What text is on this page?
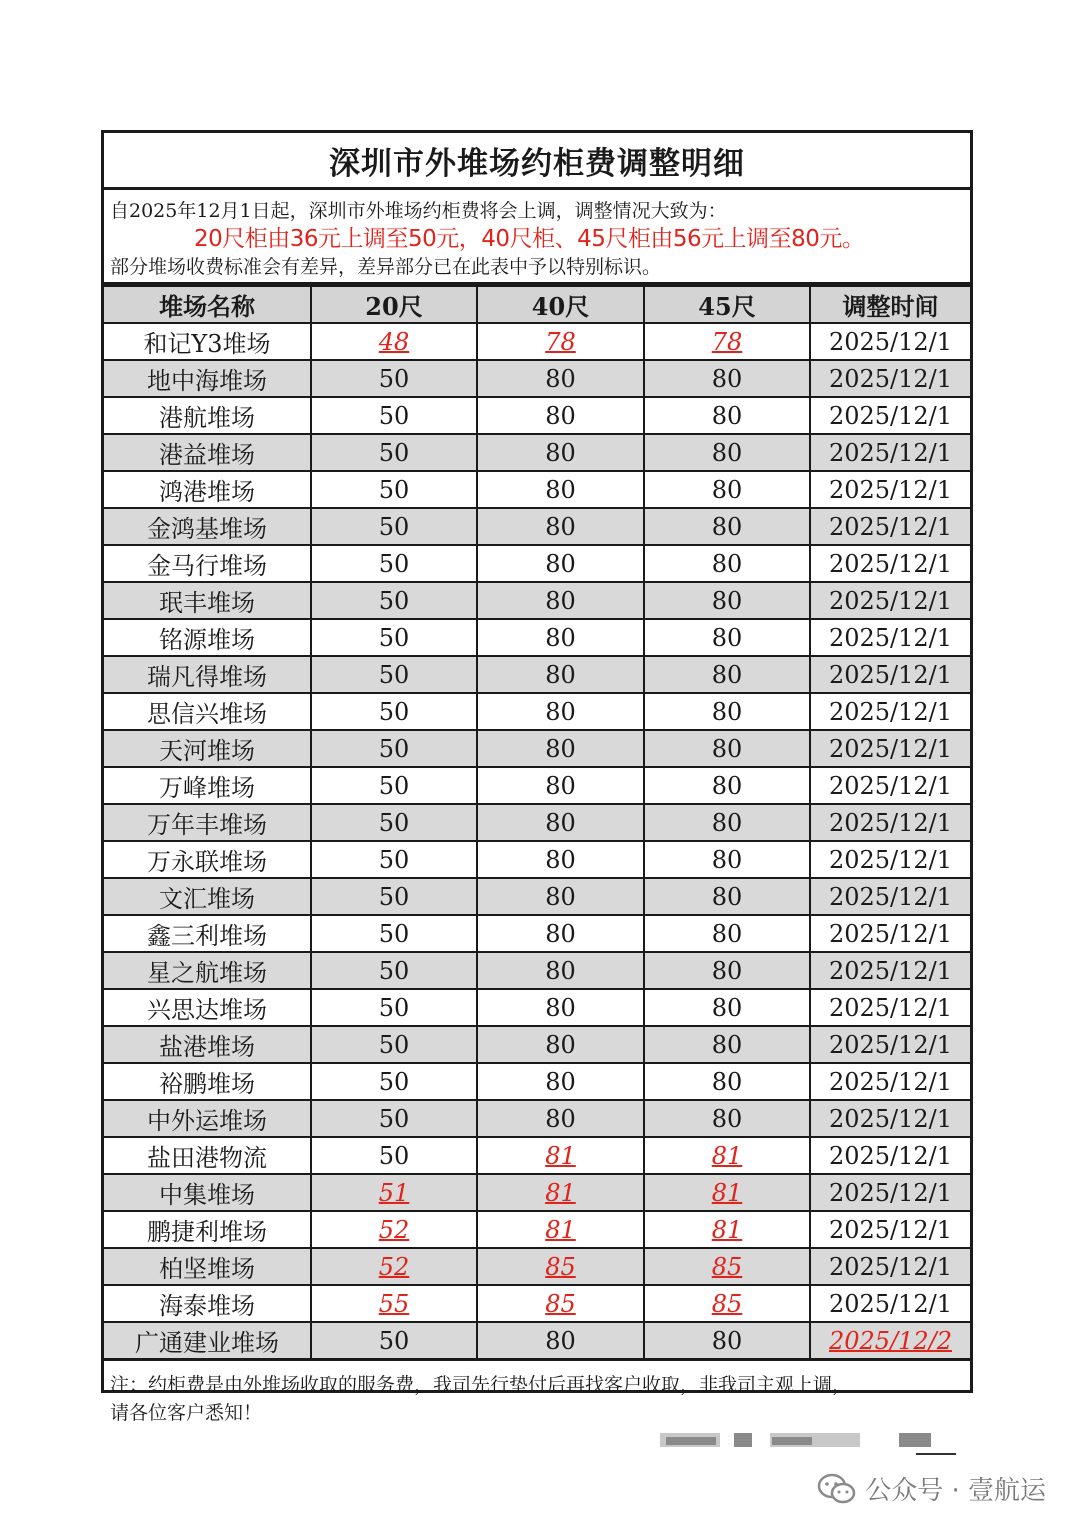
深圳市外堆场约柜费调整明细
自2025年12月1日起，深圳市外堆场约柜费将会上调，调整情况大致为：
20尺柜由36元上调至50元，40尺柜、45尺柜由56元上调至80元。
部分堆场收费标准会有差异，差异部分已在此表中予以特别标识。
堆场名称	20尺	40尺	45尺	调整时间
和记Y3堆场	48	78	78	2025/12/1
地中海堆场	50	80	80	2025/12/1
港航堆场	50	80	80	2025/12/1
港益堆场	50	80	80	2025/12/1
鸿港堆场	50	80	80	2025/12/1
金鸿基堆场	50	80	80	2025/12/1
金马行堆场	50	80	80	2025/12/1
珉丰堆场	50	80	80	2025/12/1
铭源堆场	50	80	80	2025/12/1
瑞凡得堆场	50	80	80	2025/12/1
思信兴堆场	50	80	80	2025/12/1
天河堆场	50	80	80	2025/12/1
万峰堆场	50	80	80	2025/12/1
万年丰堆场	50	80	80	2025/12/1
万永联堆场	50	80	80	2025/12/1
文汇堆场	50	80	80	2025/12/1
鑫三利堆场	50	80	80	2025/12/1
星之航堆场	50	80	80	2025/12/1
兴思达堆场	50	80	80	2025/12/1
盐港堆场	50	80	80	2025/12/1
裕鹏堆场	50	80	80	2025/12/1
中外运堆场	50	80	80	2025/12/1
盐田港物流	50	81	81	2025/12/1
中集堆场	51	81	81	2025/12/1
鹏捷利堆场	52	81	81	2025/12/1
柏坚堆场	52	85	85	2025/12/1
海泰堆场	55	85	85	2025/12/1
广通建业堆场	50	80	80	2025/12/2
注：约柜费是由外堆场收取的服务费，我司先行垫付后再找客户收取，非我司主观上调，
请各位客户悉知！
公众号 · 壹航运
